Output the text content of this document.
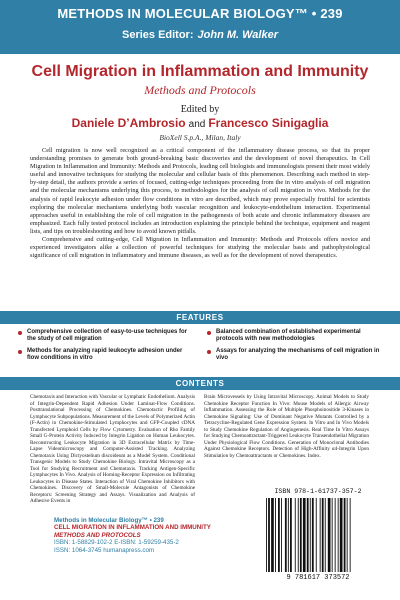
METHODS IN MOLECULAR BIOLOGY™ • 239
Series Editor: John M. Walker
Cell Migration in Inflammation and Immunity
Methods and Protocols
Edited by
Daniele D’Ambrosio and Francesco Sinigaglia
BioXell S.p.A., Milan, Italy

Cell migration is now well recognized as a critical component of the inflammatory disease process, so that its proper understanding promises to generate both ground-breaking basic discoveries and the development of novel therapeutics. In Cell Migration in Inflammation and Immunity: Methods and Protocols, leading cell biologists and immunologists present their most widely useful and innovative techniques for studying the molecular and cellular basis of this phenomenon. Describing each method in step-by-step detail, the authors provide a series of focused, cutting-edge techniques proceeding from the in vitro analysis of cell migration and the molecular mechanisms underlying this process, to methodologies for the analysis of cell migration in vivo. Methods for the analysis of rapid leukocyte adhesion under flow conditions in vitro are described, which may prove especially fruitful for scientists exploring the molecular mechanisms underlying both vascular recognition and leukocyte-endothelium interaction. Experimental approaches useful in establishing the role of cell migration in the pathogenesis of both acute and chronic inflammatory diseases are emphasized. Each fully tested protocol includes an introduction explaining the principle behind the technique, equipment and reagent lists, and tips on troubleshooting and how to avoid known pitfalls.

Comprehensive and cutting-edge, Cell Migration in Inflammation and Immunity: Methods and Protocols offers novice and experienced investigators alike a collection of powerful techniques for studying the molecular basis and pathophysiological significance of cell migration in inflammatory and immune diseases, as well as for the development of novel therapeutics.

FEATURES
Comprehensive collection of easy-to-use techniques for the study of cell migration
Balanced combination of established experimental protocols with new methodologies
Methods for analyzing rapid leukocyte adhesion under flow conditions in vitro
Assays for analyzing the mechanisms of cell migration in vivo
CONTENTS
Chemotaxis and Interaction with Vascular or Lymphatic Endothelium. Analysis of Integrin-Dependent Rapid Adhesion Under Laminar-Flow Conditions. Posttranslational Processing of Chemokines. Chemotactic Profiling of Lymphocyte Subpopulations. Measurement of the Levels of Polymerized Actin (F-Actin) in Chemokine-Stimulated Lymphocytes and GFP-Coupled cDNA Transfected Lymphoid Cells by Flow Cytometry. Evaluation of Rho Family Small G-Protein Activity Induced by Integrin Ligation on Human Leukocytes. Reconstructing Leukocyte Migration in 3D Extracellular Matrix by Time-Lapse Videomicroscopy and Computer-Assisted Tracking. Analyzing Chemotaxis Using Dictyostelium discoideum as a Model System. Conditional Transgenic Models to Study Chemokine Biology. Intravital Microscopy as a Tool for Studying Recruitment and Chemotaxis. Tracking Antigen-Specific Lymphocytes In Vivo. Analysis of Homing-Receptor Expression on Infiltrating Leukocytes in Disease States. Interaction of Viral Chemokine Inhibitors with Chemokines. Discovery of Small-Molecule Antagonists of Chemokine Receptors: Screening Strategy and Assays. Visualization and Analysis of Adhesive Events in
Brain Microvessels by Using Intravital Microscopy. Animal Models to Study Chemokine Receptor Function In Vivo: Mouse Models of Allergic Airway Inflammation. Assessing the Role of Multiple Phosphoinositide 3-Kinases in Chemokine Signaling: Use of Dominant Negative Mutants Controlled by a Tetracycline-Regulated Gene Expression System. In Vitro and In Vivo Models to Study Chemokine Regulation of Angiogenesis. Real Time In Vitro Assays for Studying Chemoattractant-Triggered Leukocyte Transendothelial Migration Under Physiological Flow Conditions. Generation of Monoclonal Antibodies Against Chemokine Receptors. Detection of High-Affinity α4-Integrin Upon Stimulation by Chemoattractants or Chemokines. Index.
Methods in Molecular Biology™ • 239
CELL MIGRATION IN INFLAMMATION AND IMMUNITY
METHODS AND PROTOCOLS
ISBN: 1-58829-102-2 E-ISBN: 1-59259-435-2
ISSN: 1064-3745 humanapress.com
ISBN 978-1-61737-357-2
9 781617 373572
